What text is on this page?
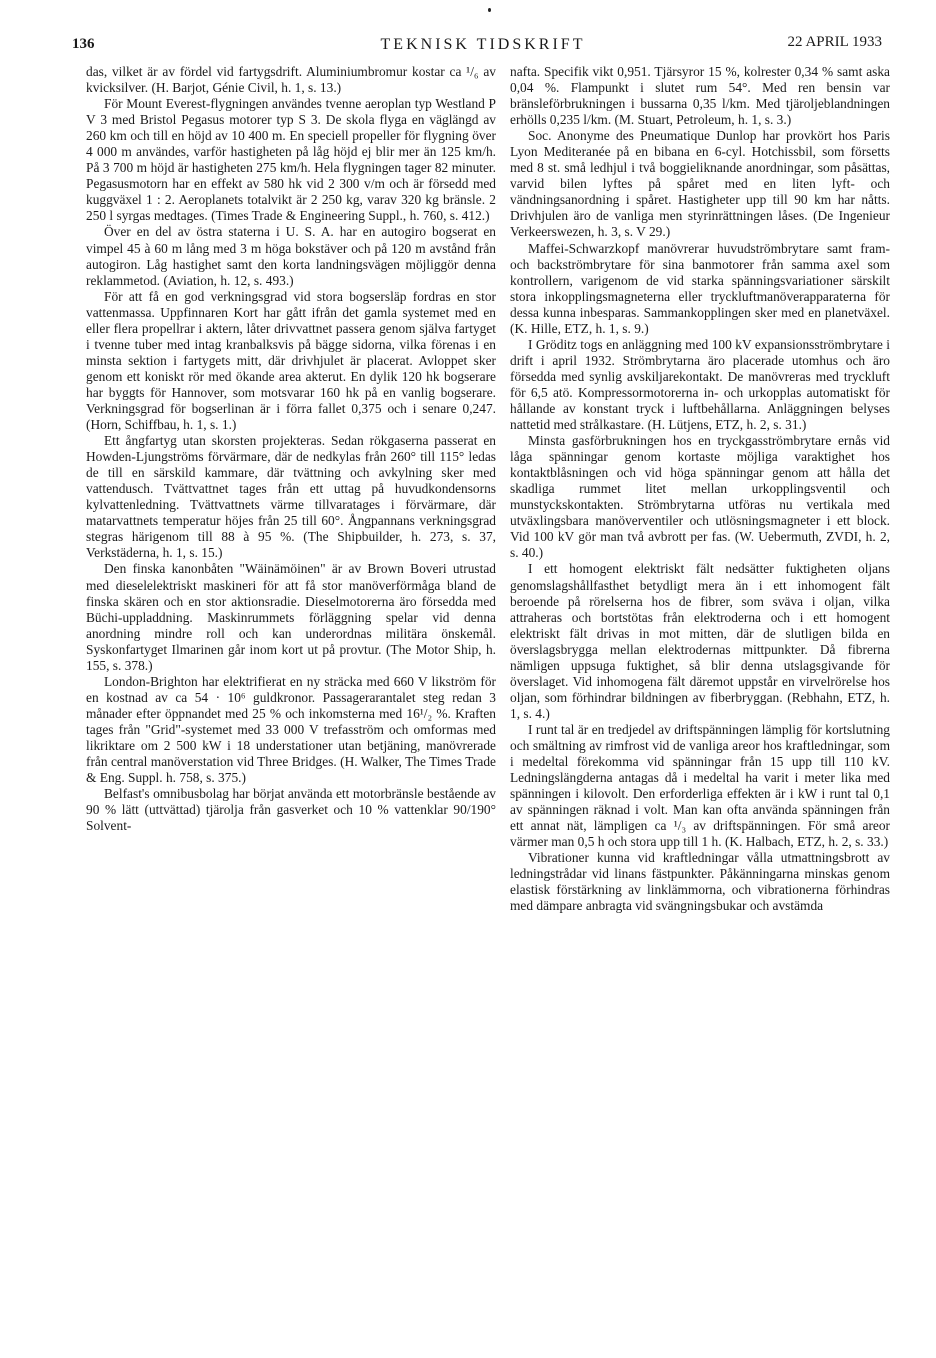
136	TEKNISK TIDSKRIFT	22 APRIL 1933

das, vilket är av fördel vid fartygsdrift. Aluminiumbromur kostar ca ¹/₆ av kvicksilver. (H. Barjot, Génie Civil, h. 1, s. 13.)

För Mount Everest-flygningen användes tvenne aeroplan typ Westland P V 3 med Bristol Pegasus motorer typ S 3. De skola flyga en väglängd av 260 km och till en höjd av 10 400 m. En speciell propeller för flygning över 4 000 m användes, varför hastigheten på låg höjd ej blir mer än 125 km/h. På 3 700 m höjd är hastigheten 275 km/h. Hela flygningen tager 82 minuter. Pegasusmotorn har en effekt av 580 hk vid 2 300 v/m och är försedd med kuggväxel 1 : 2. Aeroplanets totalvikt är 2 250 kg, varav 320 kg bränsle. 2 250 l syrgas medtages. (Times Trade & Engineering Suppl., h. 760, s. 412.)

Över en del av östra staterna i U. S. A. har en autogiro bogserat en vimpel 45 à 60 m lång med 3 m höga bokstäver och på 120 m avstånd från autogiron. Låg hastighet samt den korta landningsvägen möjliggör denna reklammetod. (Aviation, h. 12, s. 493.)

För att få en god verkningsgrad vid stora bogsersläp fordras en stor vattenmassa. Uppfinnaren Kort har gått ifrån det gamla systemet med en eller flera propellrar i aktern, låter drivvattnet passera genom själva fartyget i tvenne tuber med intag kranbalksvis på bägge sidorna, vilka förenas i en minsta sektion i fartygets mitt, där drivhjulet är placerat. Avloppet sker genom ett koniskt rör med ökande area akterut. En dylik 120 hk bogserare har byggts för Hannover, som motsvarar 160 hk på en vanlig bogserare. Verkningsgrad för bogserlinan är i förra fallet 0,375 och i senare 0,247. (Horn, Schiffbau, h. 1, s. 1.)

Ett ångfartyg utan skorsten projekteras. Sedan rökgaserna passerat en Howden-Ljungströms förvärmare, där de nedkylas från 260° till 115° ledas de till en särskild kammare, där tvättning och avkylning sker med vattendusch. Tvättvattnet tages från ett uttag på huvudkondensorns kylvattenledning. Tvättvattnets värme tillvaratages i förvärmare, där matarvattnets temperatur höjes från 25 till 60°. Ångpannans verkningsgrad stegras härigenom till 88 à 95 %. (The Shipbuilder, h. 273, s. 37, Verkstäderna, h. 1, s. 15.)

Den finska kanonbåten "Wäinämöinen" är av Brown Boveri utrustad med dieselelektriskt maskineri för att få stor manöverförmåga bland de finska skären och en stor aktionsradie. Dieselmotorerna äro försedda med Büchi-uppladdning. Maskinrummets förläggning spelar vid denna anordning mindre roll och kan underordnas militära önskemål. Syskonfartyget Ilmarinen går inom kort ut på provtur. (The Motor Ship, h. 155, s. 378.)

London-Brighton har elektrifierat en ny sträcka med 660 V likström för en kostnad av ca 54 · 10⁶ guldkronor. Passagerarantalet steg redan 3 månader efter öppnandet med 25 % och inkomsterna med 16¹/₂ %. Kraften tages från "Grid"-systemet med 33 000 V trefasström och omformas med likriktare om 2 500 kW i 18 understationer utan betjäning, manövrerade från central manöverstation vid Three Bridges. (H. Walker, The Times Trade & Eng. Suppl. h. 758, s. 375.)

Belfast's omnibusbolag har börjat använda ett motorbränsle bestående av 90 % lätt (uttvättad) tjärolja från gasverket och 10 % vattenklar 90/190° Solvent-

nafta. Specifik vikt 0,951. Tjärsyror 15 %, kolrester 0,34 % samt aska 0,04 %. Flampunkt i slutet rum 54°. Med ren bensin var bränsleförbrukningen i bussarna 0,35 l/km. Med tjäroljeblandningen erhölls 0,235 l/km. (M. Stuart, Petroleum, h. 1, s. 3.)

Soc. Anonyme des Pneumatique Dunlop har provkört hos Paris Lyon Mediteranée på en bibana en 6-cyl. Hotchissbil, som försetts med 8 st. små ledhjul i två boggieliknande anordningar, som påsättas, varvid bilen lyftes på spåret med en liten lyft- och vändningsanordning i spåret. Hastigheter upp till 90 km har nåtts. Drivhjulen äro de vanliga men styrinrättningen låses. (De Ingenieur Verkeerswezen, h. 3, s. V 29.)

Maffei-Schwarzkopf manövrerar huvudströmbrytare samt fram- och backströmbrytare för sina banmotorer från samma axel som kontrollern, varigenom de vid starka spänningsvariationer särskilt stora inkopplingsmagneterna eller tryckluftmanöverapparaterna för dessa kunna inbesparas. Sammankopplingen sker med en planetväxel. (K. Hille, ETZ, h. 1, s. 9.)

I Gröditz togs en anläggning med 100 kV expansionsströmbrytare i drift i april 1932. Strömbrytarna äro placerade utomhus och äro försedda med synlig avskiljarekontakt. De manövreras med tryckluft för 6,5 atö. Kompressormotorerna in- och urkopplas automatiskt för hållande av konstant tryck i luftbehållarna. Anläggningen belyses nattetid med strålkastare. (H. Lütjens, ETZ, h. 2, s. 31.)

Minsta gasförbrukningen hos en tryckgasströmbrytare ernås vid låga spänningar genom kortaste möjliga varaktighet hos kontaktblåsningen och vid höga spänningar genom att hålla det skadliga rummet litet mellan urkopplingsventil och munstyckskontakten. Strömbrytarna utföras nu vertikala med utväxlingsbara manöverventiler och utlösningsmagneter i ett block. Vid 100 kV gör man två avbrott per fas. (W. Uebermuth, ZVDI, h. 2, s. 40.)

I ett homogent elektriskt fält nedsätter fuktigheten oljans genomslagshållfasthet betydligt mera än i ett inhomogent fält beroende på rörelserna hos de fibrer, som sväva i oljan, vilka attraheras och bortstötas från elektroderna och i ett homogent elektriskt fält drivas in mot mitten, där de slutligen bilda en överslagsbrygga mellan elektrodernas mittpunkter. Då fibrerna nämligen uppsuga fuktighet, så blir denna utslagsgivande för överslaget. Vid inhomogena fält däremot uppstår en virvelrörelse hos oljan, som förhindrar bildningen av fiberbryggan. (Rebhahn, ETZ, h. 1, s. 4.)

I runt tal är en tredjedel av driftspänningen lämplig för kortslutning och smältning av rimfrost vid de vanliga areor hos kraftledningar, som i medeltal förekomma vid spänningar från 15 upp till 110 kV. Ledningslängderna antagas då i medeltal ha varit i meter lika med spänningen i kilovolt. Den erforderliga effekten är i kW i runt tal 0,1 av spänningen räknad i volt. Man kan ofta använda spänningen från ett annat nät, lämpligen ca ¹/₃ av driftspänningen. För små areor värmer man 0,5 h och stora upp till 1 h. (K. Halbach, ETZ, h. 2, s. 33.)

Vibrationer kunna vid kraftledningar vålla utmattningsbrott av ledningstrådar vid linans fästpunkter. Påkänningarna minskas genom elastisk förstärkning av linklämmorna, och vibrationerna förhindras med dämpare anbragta vid svängningsbukar och avstämda
